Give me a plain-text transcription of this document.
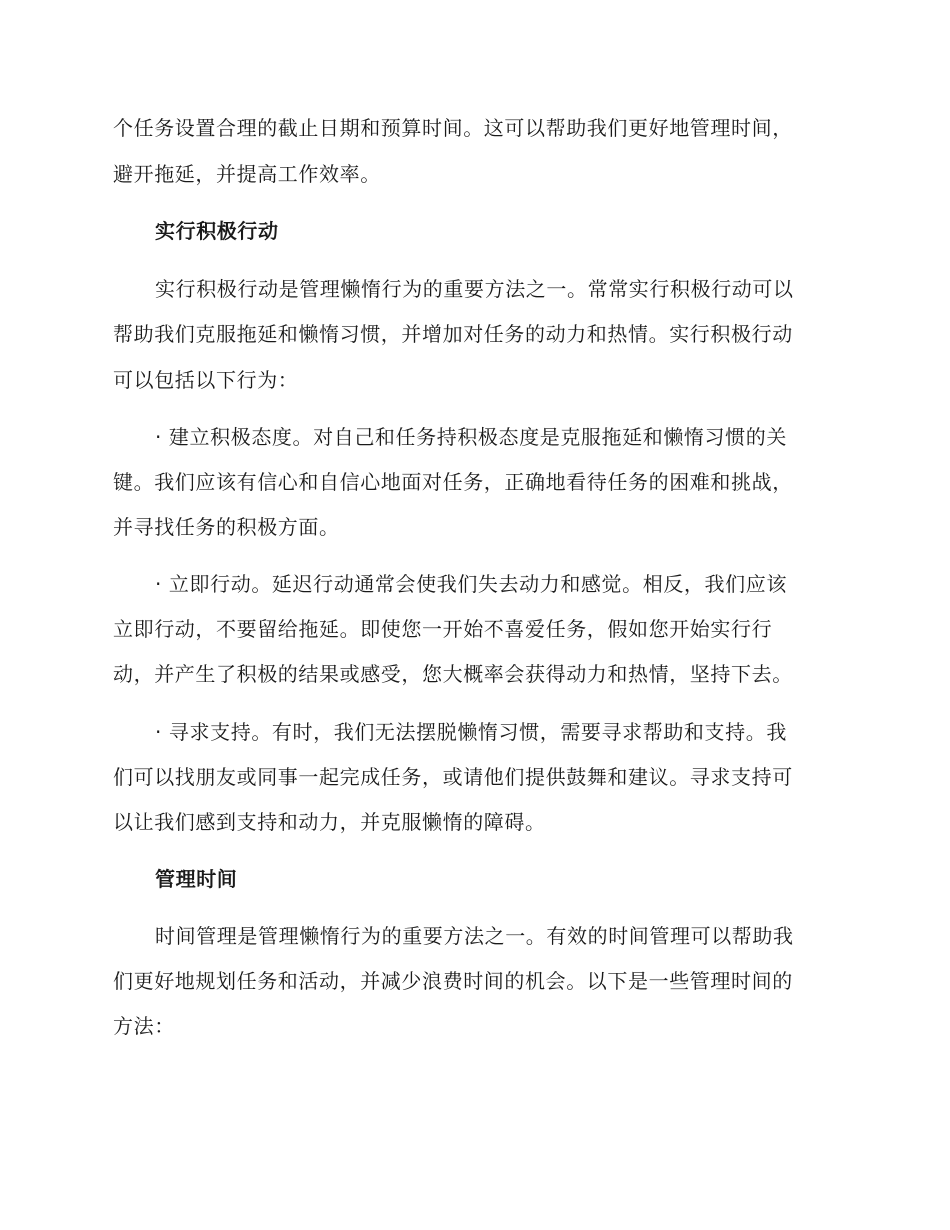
个任务设置合理的截止日期和预算时间。这可以帮助我们更好地管理时间，
避开拖延，并提高工作效率。
实行积极行动
实行积极行动是管理懒惰行为的重要方法之一。常常实行积极行动可以
帮助我们克服拖延和懒惰习惯，并增加对任务的动力和热情。实行积极行动
可以包括以下行为：
· 建立积极态度。对自己和任务持积极态度是克服拖延和懒惰习惯的关
键。我们应该有信心和自信心地面对任务，正确地看待任务的困难和挑战，
并寻找任务的积极方面。
· 立即行动。延迟行动通常会使我们失去动力和感觉。相反，我们应该
立即行动，不要留给拖延。即使您一开始不喜爱任务，假如您开始实行行
动，并产生了积极的结果或感受，您大概率会获得动力和热情，坚持下去。
· 寻求支持。有时，我们无法摆脱懒惰习惯，需要寻求帮助和支持。我
们可以找朋友或同事一起完成任务，或请他们提供鼓舞和建议。寻求支持可
以让我们感到支持和动力，并克服懒惰的障碍。
管理时间
时间管理是管理懒惰行为的重要方法之一。有效的时间管理可以帮助我
们更好地规划任务和活动，并减少浪费时间的机会。以下是一些管理时间的
方法：
